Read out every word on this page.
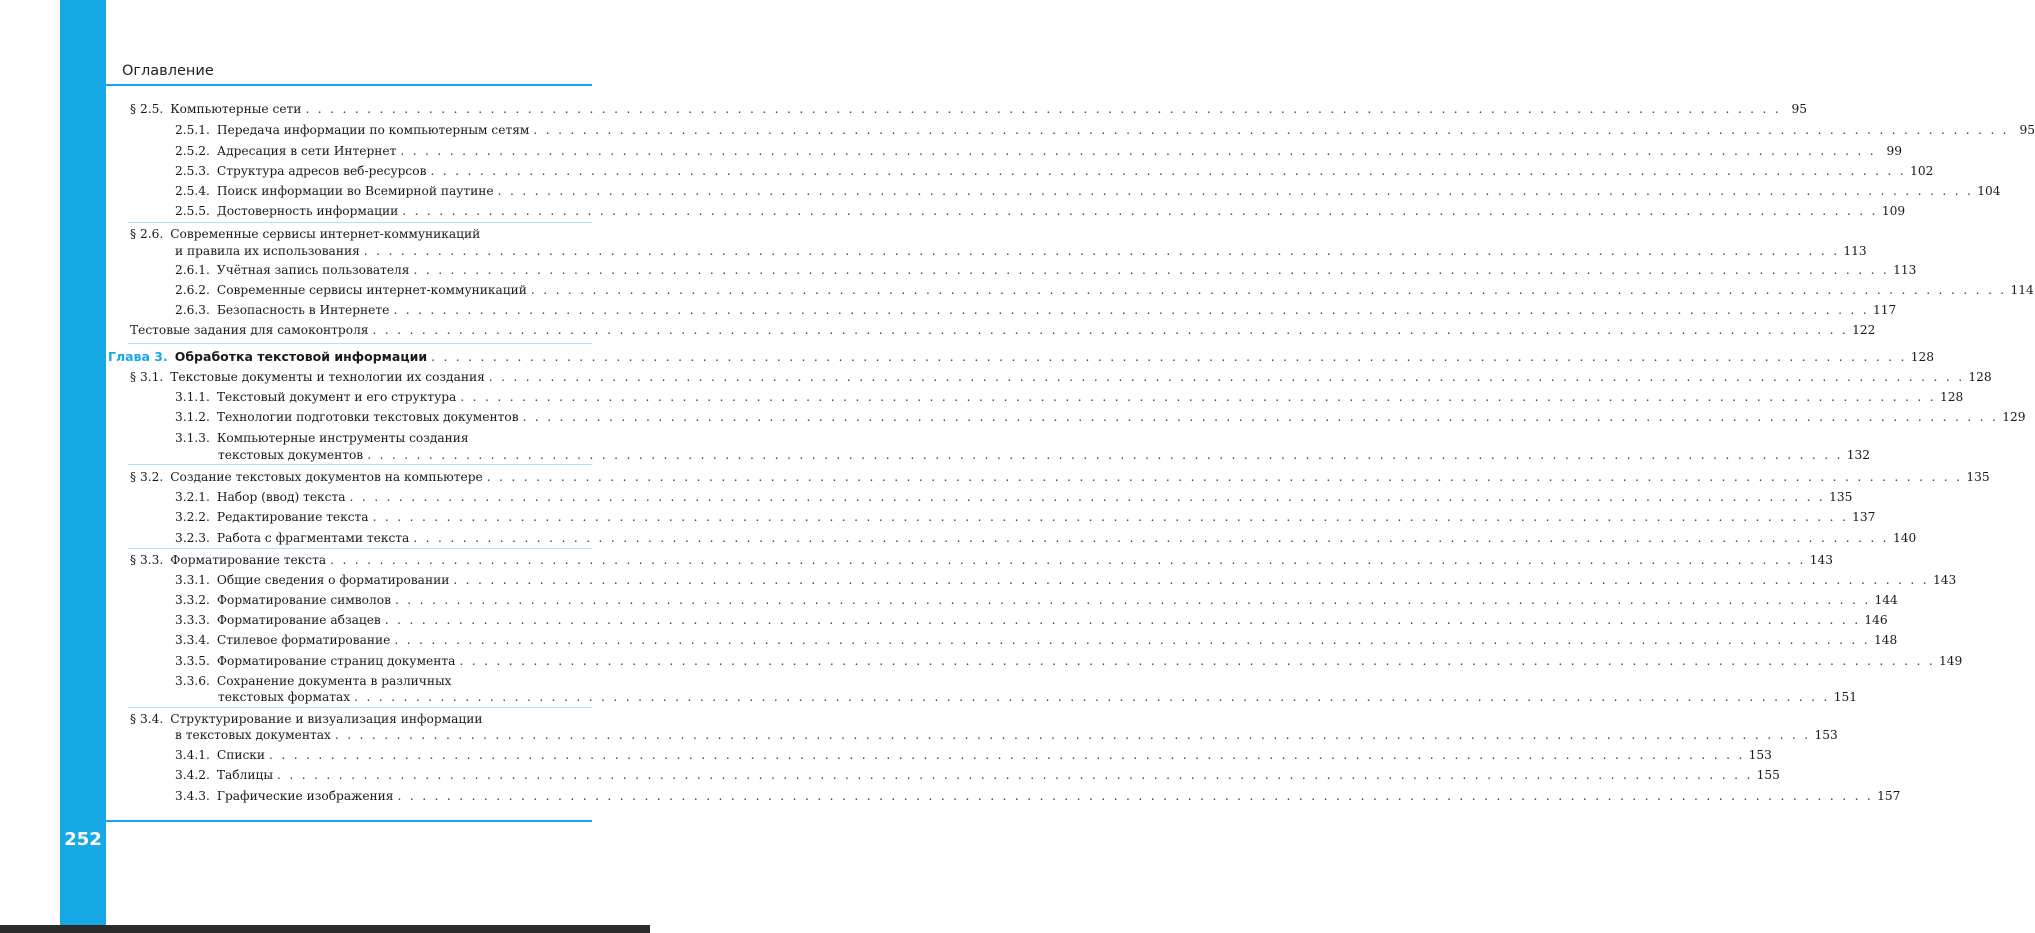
Оглавление
§ 2.5. Компьютерные сети . . . . . . . . . . . . . . . . . . . . . . . . . . . . . . . . . . . . . . . . . . . . . . . . . . . . . . . . . . . . . . . . . . . . . . . . . . . . . . . . . . . . . . . . . . . . . . . . . . . . . . . . . . . . . . . . . . . . . . . . 95
2.5.1. Передача информации по компьютерным сетям . . . . . . . . . . . . . . . . . . . . . . . . . . . . . . . . . . . . . . . . . . . . . . . . . . . . . . . . . . . . . . . . . . . . . . . . . . . . . . . . . . . . . . . . . . . . . . . . . . . . . . . . . . . . . . . . . . . . . . . . 95
2.5.2. Адресация в сети Интернет . . . . . . . . . . . . . . . . . . . . . . . . . . . . . . . . . . . . . . . . . . . . . . . . . . . . . . . . . . . . . . . . . . . . . . . . . . . . . . . . . . . . . . . . . . . . . . . . . . . . . . . . . . . . . . . . . . . . . . . . 99
2.5.3. Структура адресов веб-ресурсов . . . . . . . . . . . . . . . . . . . . . . . . . . . . . . . . . . . . . . . . . . . . . . . . . . . . . . . . . . . . . . . . . . . . . . . . . . . . . . . . . . . . . . . . . . . . . . . . . . . . . . . . . . . . . . . . . . . . . . . . 102
2.5.4. Поиск информации во Всемирной паутине . . . . . . . . . . . . . . . . . . . . . . . . . . . . . . . . . . . . . . . . . . . . . . . . . . . . . . . . . . . . . . . . . . . . . . . . . . . . . . . . . . . . . . . . . . . . . . . . . . . . . . . . . . . . . . . . . . . . . . . . 104
2.5.5. Достоверность информации . . . . . . . . . . . . . . . . . . . . . . . . . . . . . . . . . . . . . . . . . . . . . . . . . . . . . . . . . . . . . . . . . . . . . . . . . . . . . . . . . . . . . . . . . . . . . . . . . . . . . . . . . . . . . . . . . . . . . . . . 109
§ 2.6. Современные сервисы интернет-коммуникаций
и правила их использования . . . . . . . . . . . . . . . . . . . . . . . . . . . . . . . . . . . . . . . . . . . . . . . . . . . . . . . . . . . . . . . . . . . . . . . . . . . . . . . . . . . . . . . . . . . . . . . . . . . . . . . . . . . . . . . . . . . . . . . . 113
2.6.1. Учётная запись пользователя . . . . . . . . . . . . . . . . . . . . . . . . . . . . . . . . . . . . . . . . . . . . . . . . . . . . . . . . . . . . . . . . . . . . . . . . . . . . . . . . . . . . . . . . . . . . . . . . . . . . . . . . . . . . . . . . . . . . . . . . 113
2.6.2. Современные сервисы интернет-коммуникаций . . . . . . . . . . . . . . . . . . . . . . . . . . . . . . . . . . . . . . . . . . . . . . . . . . . . . . . . . . . . . . . . . . . . . . . . . . . . . . . . . . . . . . . . . . . . . . . . . . . . . . . . . . . . . . . . . . . . . . . . 114
2.6.3. Безопасность в Интернете . . . . . . . . . . . . . . . . . . . . . . . . . . . . . . . . . . . . . . . . . . . . . . . . . . . . . . . . . . . . . . . . . . . . . . . . . . . . . . . . . . . . . . . . . . . . . . . . . . . . . . . . . . . . . . . . . . . . . . . . 117
Тестовые задания для самоконтроля . . . . . . . . . . . . . . . . . . . . . . . . . . . . . . . . . . . . . . . . . . . . . . . . . . . . . . . . . . . . . . . . . . . . . . . . . . . . . . . . . . . . . . . . . . . . . . . . . . . . . . . . . . . . . . . . . . . . . . . . 122
Глава 3. Обработка текстовой информации . . . . . . . . . . . . . . . . . . . . . . . . . . . . . . . . . . . . . . . . . . . . . . . . . . . . . . . . . . . . . . . . . . . . . . . . . . . . . . . . . . . . . . . . . . . . . . . . . . . . . . . . . . . . . . . . . . . . . . . . 128
§ 3.1. Текстовые документы и технологии их создания . . . . . . . . . . . . . . . . . . . . . . . . . . . . . . . . . . . . . . . . . . . . . . . . . . . . . . . . . . . . . . . . . . . . . . . . . . . . . . . . . . . . . . . . . . . . . . . . . . . . . . . . . . . . . . . . . . . . . . . . 128
3.1.1. Текстовый документ и его структура . . . . . . . . . . . . . . . . . . . . . . . . . . . . . . . . . . . . . . . . . . . . . . . . . . . . . . . . . . . . . . . . . . . . . . . . . . . . . . . . . . . . . . . . . . . . . . . . . . . . . . . . . . . . . . . . . . . . . . . . 128
3.1.2. Технологии подготовки текстовых документов . . . . . . . . . . . . . . . . . . . . . . . . . . . . . . . . . . . . . . . . . . . . . . . . . . . . . . . . . . . . . . . . . . . . . . . . . . . . . . . . . . . . . . . . . . . . . . . . . . . . . . . . . . . . . . . . . . . . . . . . 129
3.1.3. Компьютерные инструменты создания
текстовых документов . . . . . . . . . . . . . . . . . . . . . . . . . . . . . . . . . . . . . . . . . . . . . . . . . . . . . . . . . . . . . . . . . . . . . . . . . . . . . . . . . . . . . . . . . . . . . . . . . . . . . . . . . . . . . . . . . . . . . . . . 132
§ 3.2. Создание текстовых документов на компьютере . . . . . . . . . . . . . . . . . . . . . . . . . . . . . . . . . . . . . . . . . . . . . . . . . . . . . . . . . . . . . . . . . . . . . . . . . . . . . . . . . . . . . . . . . . . . . . . . . . . . . . . . . . . . . . . . . . . . . . . . 135
3.2.1. Набор (ввод) текста . . . . . . . . . . . . . . . . . . . . . . . . . . . . . . . . . . . . . . . . . . . . . . . . . . . . . . . . . . . . . . . . . . . . . . . . . . . . . . . . . . . . . . . . . . . . . . . . . . . . . . . . . . . . . . . . . . . . . . . . 135
3.2.2. Редактирование текста . . . . . . . . . . . . . . . . . . . . . . . . . . . . . . . . . . . . . . . . . . . . . . . . . . . . . . . . . . . . . . . . . . . . . . . . . . . . . . . . . . . . . . . . . . . . . . . . . . . . . . . . . . . . . . . . . . . . . . . . 137
3.2.3. Работа с фрагментами текста . . . . . . . . . . . . . . . . . . . . . . . . . . . . . . . . . . . . . . . . . . . . . . . . . . . . . . . . . . . . . . . . . . . . . . . . . . . . . . . . . . . . . . . . . . . . . . . . . . . . . . . . . . . . . . . . . . . . . . . . 140
§ 3.3. Форматирование текста . . . . . . . . . . . . . . . . . . . . . . . . . . . . . . . . . . . . . . . . . . . . . . . . . . . . . . . . . . . . . . . . . . . . . . . . . . . . . . . . . . . . . . . . . . . . . . . . . . . . . . . . . . . . . . . . . . . . . . . . 143
3.3.1. Общие сведения о форматировании . . . . . . . . . . . . . . . . . . . . . . . . . . . . . . . . . . . . . . . . . . . . . . . . . . . . . . . . . . . . . . . . . . . . . . . . . . . . . . . . . . . . . . . . . . . . . . . . . . . . . . . . . . . . . . . . . . . . . . . . 143
3.3.2. Форматирование символов . . . . . . . . . . . . . . . . . . . . . . . . . . . . . . . . . . . . . . . . . . . . . . . . . . . . . . . . . . . . . . . . . . . . . . . . . . . . . . . . . . . . . . . . . . . . . . . . . . . . . . . . . . . . . . . . . . . . . . . . 144
3.3.3. Форматирование абзацев . . . . . . . . . . . . . . . . . . . . . . . . . . . . . . . . . . . . . . . . . . . . . . . . . . . . . . . . . . . . . . . . . . . . . . . . . . . . . . . . . . . . . . . . . . . . . . . . . . . . . . . . . . . . . . . . . . . . . . . . 146
3.3.4. Стилевое форматирование . . . . . . . . . . . . . . . . . . . . . . . . . . . . . . . . . . . . . . . . . . . . . . . . . . . . . . . . . . . . . . . . . . . . . . . . . . . . . . . . . . . . . . . . . . . . . . . . . . . . . . . . . . . . . . . . . . . . . . . . 148
3.3.5. Форматирование страниц документа . . . . . . . . . . . . . . . . . . . . . . . . . . . . . . . . . . . . . . . . . . . . . . . . . . . . . . . . . . . . . . . . . . . . . . . . . . . . . . . . . . . . . . . . . . . . . . . . . . . . . . . . . . . . . . . . . . . . . . . . 149
3.3.6. Сохранение документа в различных
текстовых форматах . . . . . . . . . . . . . . . . . . . . . . . . . . . . . . . . . . . . . . . . . . . . . . . . . . . . . . . . . . . . . . . . . . . . . . . . . . . . . . . . . . . . . . . . . . . . . . . . . . . . . . . . . . . . . . . . . . . . . . . . 151
§ 3.4. Структурирование и визуализация информации
в текстовых документах . . . . . . . . . . . . . . . . . . . . . . . . . . . . . . . . . . . . . . . . . . . . . . . . . . . . . . . . . . . . . . . . . . . . . . . . . . . . . . . . . . . . . . . . . . . . . . . . . . . . . . . . . . . . . . . . . . . . . . . . 153
3.4.1. Списки . . . . . . . . . . . . . . . . . . . . . . . . . . . . . . . . . . . . . . . . . . . . . . . . . . . . . . . . . . . . . . . . . . . . . . . . . . . . . . . . . . . . . . . . . . . . . . . . . . . . . . . . . . . . . . . . . . . . . . . . 153
3.4.2. Таблицы . . . . . . . . . . . . . . . . . . . . . . . . . . . . . . . . . . . . . . . . . . . . . . . . . . . . . . . . . . . . . . . . . . . . . . . . . . . . . . . . . . . . . . . . . . . . . . . . . . . . . . . . . . . . . . . . . . . . . . . . 155
3.4.3. Графические изображения . . . . . . . . . . . . . . . . . . . . . . . . . . . . . . . . . . . . . . . . . . . . . . . . . . . . . . . . . . . . . . . . . . . . . . . . . . . . . . . . . . . . . . . . . . . . . . . . . . . . . . . . . . . . . . . . . . . . . . . . 157
252
